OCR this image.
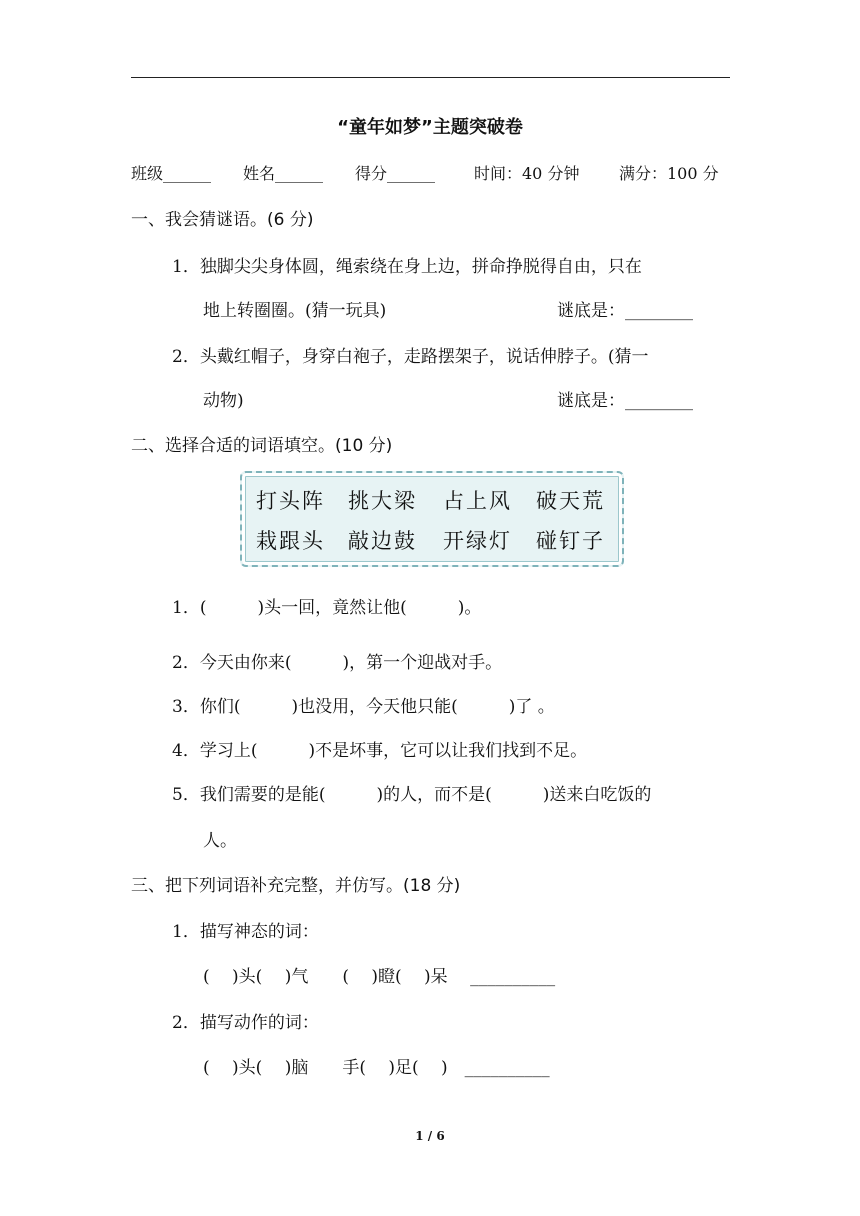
“童年如梦”主题突破卷
班级______ 姓名______ 得分______ 时间：40 分钟 满分：100 分
一、我会猜谜语。(6 分)
1．独脚尖尖身体圆，绳索绕在身上边，拼命挣脱得自由，只在
地上转圈圈。(猜一玩具)	谜底是：________
2．头戴红帽子，身穿白袍子，走路摆架子，说话伸脖子。(猜一
动物)	谜底是：________
二、选择合适的词语填空。(10 分)
打头阵 挑大梁 占上风 破天荒
栽跟头 敲边鼓 开绿灯 碰钉子
1．(　　　)头一回，竟然让他(　　　)。
2．今天由你来(　　　)，第一个迎战对手。
3．你们(　　　)也没用，今天他只能(　　　)了 。
4．学习上(　　　)不是坏事，它可以让我们找到不足。
5．我们需要的是能(　　　)的人，而不是(　　　)送来白吃饭的
人。
三、把下列词语补充完整，并仿写。(18 分)
1．描写神态的词：
(　 )头(　 )气　　(　 )瞪(　 )呆　 __________
2．描写动作的词：
(　 )头(　 )脑　　手(　 )足(　 )　__________
1 / 6
